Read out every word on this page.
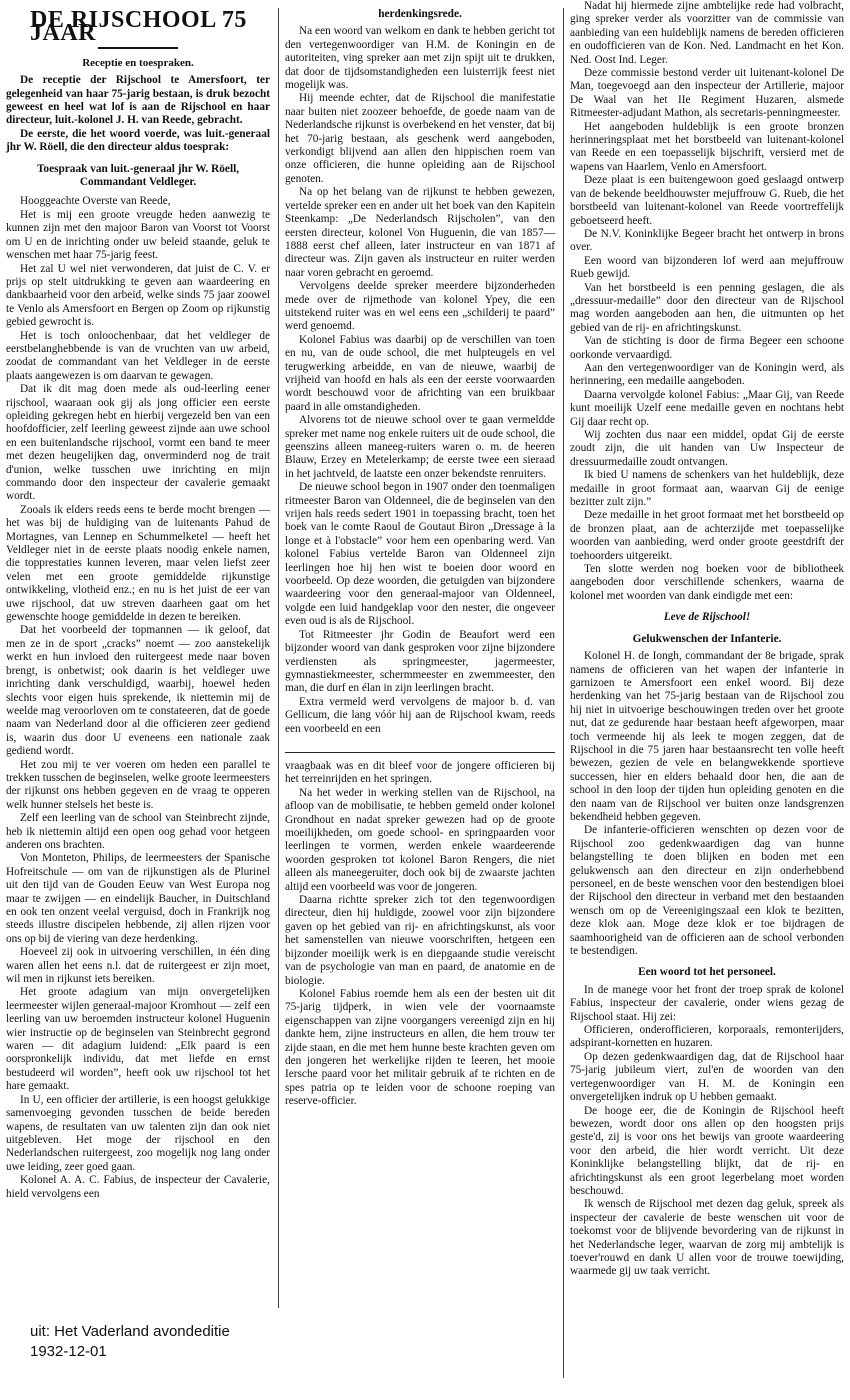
DE RIJSCHOOL 75 JAAR
Receptie en toespraken.

De receptie der Rijschool te Amersfoort, ter gelegenheid van haar 75-jarig bestaan, is druk bezocht geweest en heel wat lof is aan de Rijschool en haar directeur, luit.-kolonel J. H. van Reede, gebracht.

De eerste, die het woord voerde, was luit.-generaal jhr W. Röell, die den directeur aldus toesprak:

Toespraak van luit.-generaal jhr W. Röell, Commandant Veldleger.

Hooggeachte Overste van Reede,

Het is mij een groote vreugde heden aanwezig te kunnen zijn met den majoor Baron van Voorst tot Voorst om U en de inrichting onder uw beleid staande, geluk te wenschen met haar 75-jarig feest.

Het zal U wel niet verwonderen, dat juist de C. V. er prijs op stelt uitdrukking te geven aan waardeering en dankbaarheid voor den arbeid, welke sinds 75 jaar zoowel te Venlo als Amersfoort en Bergen op Zoom op rijkunstig gebied gewrocht is.

Het is toch onloochenbaar, dat het veldleger de eerstbelanghebbende is van de vruchten van uw arbeid, zoodat de commandant van het Veldleger in de eerste plaats aangewezen is om daarvan te gewagen.

Dat ik dit mag doen mede als oud-leerling eener rijschool, waaraan ook gij als jong officier een eerste opleiding gekregen hebt en hierbij vergezeld ben van een hoofdofficier, zelf leerling geweest zijnde aan uwe school en een buitenlandsche rijschool, vormt een band te meer met dezen heugelijken dag, onverminderd nog de trait d'union, welke tusschen uwe inrichting en mijn commando door den inspecteur der cavalerie gemaakt wordt.

Zooals ik elders reeds eens te berde mocht brengen — het was bij de huldiging van de luitenants Pahud de Mortagnes, van Lennep en Schummelketel — heeft het Veldleger niet in de eerste plaats noodig enkele namen, die topprestaties kunnen leveren, maar velen liefst zeer velen met een groote gemiddelde rijkunstige ontwikkeling, vlotheid enz.; en nu is het juist de eer van uwe rijschool, dat uw streven daarheen gaat om het gewenschte hooge gemiddelde in dezen te bereiken.

Dat het voorbeeld der topmannen — ik geloof, dat men ze in de sport „cracks” noemt — zoo aanstekelijk werkt en hun invloed den ruitergeest mede naar boven brengt, is onbetwist; ook daarin is het veldleger uwe inrichting dank verschuldigd, waarbij, hoewel heden slechts voor eigen huis sprekende, ik niettemin mij de weelde mag veroorloven om te constateeren, dat de goede naam van Nederland door al die officieren zeer gediend is, waarin dus door U eveneens een nationale zaak gediend wordt.

Het zou mij te ver voeren om heden een parallel te trekken tusschen de beginselen, welke groote leermeesters der rijkunst ons hebben gegeven en de vraag te opperen welk hunner stelsels het beste is.

Zelf een leerling van de school van Steinbrecht zijnde, heb ik niettemin altijd een open oog gehad voor hetgeen anderen ons brachten.

Von Monteton, Philips, de leermeesters der Spanische Hofreitschule — om van de rijkunstigen als de Plurinel uit den tijd van de Gouden Eeuw van West Europa nog maar te zwijgen — en eindelijk Baucher, in Duitschland en ook ten onzent veelal verguisd, doch in Frankrijk nog steeds illustre discipelen hebbende, zij allen rijzen voor ons op bij de viering van deze herdenking.

Hoeveel zij ook in uitvoering verschillen, in één ding waren allen het eens n.l. dat de ruitergeest er zijn moet, wil men in rijkunst iets bereiken.

Het groote adagium van mijn onvergetelijken leermeester wijlen generaal-majoor Kromhout — zelf een leerling van uw beroemden instructeur kolonel Huguenin wier instructie op de beginselen van Steinbrecht gegrond waren — dit adagium luidend: „Elk paard is een oorspronkelijk individu, dat met liefde en ernst bestudeerd wil worden”, heeft ook uw rijschool tot het hare gemaakt.

In U, een officier der artillerie, is een hoogst gelukkige samenvoeging gevonden tusschen de beide bereden wapens, de resultaten van uw talenten zijn dan ook niet uitgebleven. Het moge der rijschool en den Nederlandschen ruitergeest, zoo mogelijk nog lang onder uwe leiding, zeer goed gaan.

Kolonel A. A. C. Fabius, de inspecteur der Cavalerie, hield vervolgens een

herdenkingsrede.

Na een woord van welkom en dank te hebben gericht tot den vertegenwoordiger van H.M. de Koningin en de autoriteiten, ving spreker aan met zijn spijt uit te drukken, dat door de tijdsomstandigheden een luisterrijk feest niet mogelijk was.

Hij meende echter, dat de Rijschool die manifestatie naar buiten niet zoozeer behoefde, de goede naam van de Nederlandsche rijkunst is overbekend en het venster, dat bij het 70-jarig bestaan, als geschenk werd aangeboden, verkondigt blijvend aan allen den hippischen roem van onze officieren, die hunne opleiding aan de Rijschool genoten.

Na op het belang van de rijkunst te hebben gewezen, vertelde spreker een en ander uit het boek van den Kapitein Steenkamp: „De Nederlandsch Rijscholen”, van den eersten directeur, kolonel Von Huguenin, die van 1857—1888 eerst chef alleen, later instructeur en van 1871 af directeur was. Zijn gaven als instructeur en ruiter werden naar voren gebracht en geroemd.

Vervolgens deelde spreker meerdere bijzonderheden mede over de rijmethode van kolonel Ypey, die een uitstekend ruiter was en wel eens een „schilderij te paard” werd genoemd.

Kolonel Fabius was daarbij op de verschillen van toen en nu, van de oude school, die met hulpteugels en vel terugwerking arbeidde, en van de nieuwe, waarbij de vrijheid van hoofd en hals als een der eerste voorwaarden wordt beschouwd voor de africhting van een bruikbaar paard in alle omstandigheden.

Alvorens tot de nieuwe school over te gaan vermeldde spreker met name nog enkele ruiters uit de oude school, die geenszins alleen maneeg-ruiters waren o. m. de heeren Blauw, Erzey en Metelerkamp; de eerste twee een sieraad in het jachtveld, de laatste een onzer bekendste renruiters.

De nieuwe school begon in 1907 onder den toenmaligen ritmeester Baron van Oldenneel, die de beginselen van den vrijen hals reeds sedert 1901 in toepassing bracht, toen het boek van le comte Raoul de Goutaut Biron „Dressage à la longe et à l'obstacle” voor hem een openbaring werd. Van kolonel Fabius vertelde Baron van Oldenneel zijn leerlingen hoe hij hen wist te boeien door woord en voorbeeld. Op deze woorden, die getuigden van bijzondere waardeering voor den generaal-majoor van Oldenneel, volgde een luid handgeklap voor den nester, die ongeveer even oud is als de Rijschool.

Tot Ritmeester jhr Godin de Beaufort werd een bijzonder woord van dank gesproken voor zijne bijzondere verdiensten als springmeester, jagermeester, gymnastiekmeester, schermmeester en zwemmeester, den man, die durf en élan in zijn leerlingen bracht.

Extra vermeld werd vervolgens de majoor b. d. van Gellicum, die lang vóór hij aan de Rijschool kwam, reeds een voorbeeld en een

vraagbaak was en dit bleef voor de jongere officieren bij het terreinrijden en het springen.

Na het weder in werking stellen van de Rijschool, na afloop van de mobilisatie, te hebben gemeld onder kolonel Grondhout en nadat spreker gewezen had op de groote moeilijkheden, om goede school- en springpaarden voor leerlingen te vormen, werden enkele waardeerende woorden gesproken tot kolonel Baron Rengers, die niet alleen als maneegeruiter, doch ook bij de zwaarste jachten altijd een voorbeeld was voor de jongeren.

Daarna richtte spreker zich tot den tegenwoordigen directeur, dien hij huldigde, zoowel voor zijn bijzondere gaven op het gebied van rij- en africhtingskunst, als voor het samenstellen van nieuwe voorschriften, hetgeen een bijzonder moeilijk werk is en diepgaande studie vereischt van de psychologie van man en paard, de anatomie en de biologie.

Kolonel Fabius roemde hem als een der besten uit dit 75-jarig tijdperk, in wien vele der voornaamste eigenschappen van zijne voorgangers vereenigd zijn en hij dankte hem, zijne instructeurs en allen, die hem trouw ter zijde staan, en die met hem hunne beste krachten geven om den jongeren het werkelijke rijden te leeren, het mooie Iersche paard voor het militair gebruik af te richten en de spes patria op te leiden voor de schoone roeping van reserve-officier.

Nadat hij hiermede zijne ambtelijke rede had volbracht, ging spreker verder als voorzitter van de commissie van aanbieding van een huldeblijk namens de bereden officieren en oudofficieren van de Kon. Ned. Landmacht en het Kon. Ned. Oost Ind. Leger.

Deze commissie bestond verder uit luitenant-kolonel De Man, toegevoegd aan den inspecteur der Artillerie, majoor De Waal van het IIe Regiment Huzaren, alsmede Ritmeester-adjudant Mathon, als secretaris-penningmeester.

Het aangeboden huldeblijk is een groote bronzen herinneringsplaat met het borstbeeld van luitenant-kolonel van Reede en een toepasselijk bijschrift, versierd met de wapens van Haarlem, Venlo en Amersfoort.

Deze plaat is een buitengewoon goed geslaagd ontwerp van de bekende beeldhouwster mejuffrouw G. Rueb, die het borstbeeld van luitenant-kolonel van Reede voortreffelijk geboetseerd heeft.

De N.V. Koninklijke Begeer bracht het ontwerp in brons over.

Een woord van bijzonderen lof werd aan mejuffrouw Rueb gewijd.

Van het borstbeeld is een penning geslagen, die als „dressuur-medaille” door den directeur van de Rijschool mag worden aangeboden aan hen, die uitmunten op het gebied van de rij- en africhtingskunst.

Van de stichting is door de firma Begeer een schoone oorkonde vervaardigd.

Aan den vertegenwoordiger van de Koningin werd, als herinnering, een medaille aangeboden.

Daarna vervolgde kolonel Fabius: „Maar Gij, van Reede kunt moeilijk Uzelf eene medaille geven en nochtans hebt Gij daar recht op.

Wij zochten dus naar een middel, opdat Gij de eerste zoudt zijn, die uit handen van Uw Inspecteur de dressuurmedaille zoudt ontvangen.

Ik bied U namens de schenkers van het huldeblijk, deze medaille in groot formaat aan, waarvan Gij de eenige bezitter zult zijn.”

Deze medaille in het groot formaat met het borstbeeld op de bronzen plaat, aan de achterzijde met toepasselijke woorden van aanbieding, werd onder groote geestdrift der toehoorders uitgereikt.

Ten slotte werden nog boeken voor de bibliotheek aangeboden door verschillende schenkers, waarna de kolonel met woorden van dank eindigde met een:

Leve de Rijschool!

Gelukwenschen der Infanterie.

Kolonel H. de Iongh, commandant der 8e brigade, sprak namens de officieren van het wapen der infanterie in garnizoen te Amersfoort een enkel woord. Bij deze herdenking van het 75-jarig bestaan van de Rijschool zou hij niet in uitvoerige beschouwingen treden over het groote nut, dat ze gedurende haar bestaan heeft afgeworpen, maar toch vermeende hij als leek te mogen zeggen, dat de Rijschool in die 75 jaren haar bestaansrecht ten volle heeft bewezen, gezien de vele en belangwekkende sportieve successen, hier en elders behaald door hen, die aan de school in den loop der tijden hun opleiding genoten en die den naam van de Rijschool ver buiten onze landsgrenzen bekendheid hebben gegeven.

De infanterie-officieren wenschten op dezen voor de Rijschool zoo gedenkwaardigen dag van hunne belangstelling te doen blijken en boden met een gelukwensch aan den directeur en zijn onderhebbend personeel, en de beste wenschen voor den bestendigen bloei der Rijschool den directeur in verband met den bestaanden wensch om op de Vereenigingszaal een klok te bezitten, deze klok aan. Moge deze klok er toe bijdragen de saamhoorigheid van de officieren aan de school verbonden te bestendigen.

Een woord tot het personeel.

In de manege voor het front der troep sprak de kolonel Fabius, inspecteur der cavalerie, onder wiens gezag de Rijschool staat. Hij zei:

Officieren, onderofficieren, korporaals, remonterijders, adspirant-kornetten en huzaren.

Op dezen gedenkwaardigen dag, dat de Rijschool haar 75-jarig jubileum viert, zul'en de woorden van den vertegenwoordiger van H. M. de Koningin een onvergetelijken indruk op U hebben gemaakt.

De hooge eer, die de Koningin de Rijschool heeft bewezen, wordt door ons allen op den hoogsten prijs geste'd, zij is voor ons het bewijs van groote waardeering voor den arbeid, die hier wordt verricht. Uit deze Koninklijke belangstelling blijkt, dat de rij- en africhtingskunst als een groot legerbelang moet worden beschouwd.

Ik wensch de Rijschool met dezen dag geluk, spreek als inspecteur der cavalerie de beste wenschen uit voor de toekomst voor de blijvende bevordering van de rijkunst in het Nederlandsche leger, waarvan de zorg mij ambtelijk is toever'rouwd en dank U allen voor de trouwe toewijding, waarmede gij uw taak verricht.

uit: Het Vaderland avondeditie
1932-12-01
